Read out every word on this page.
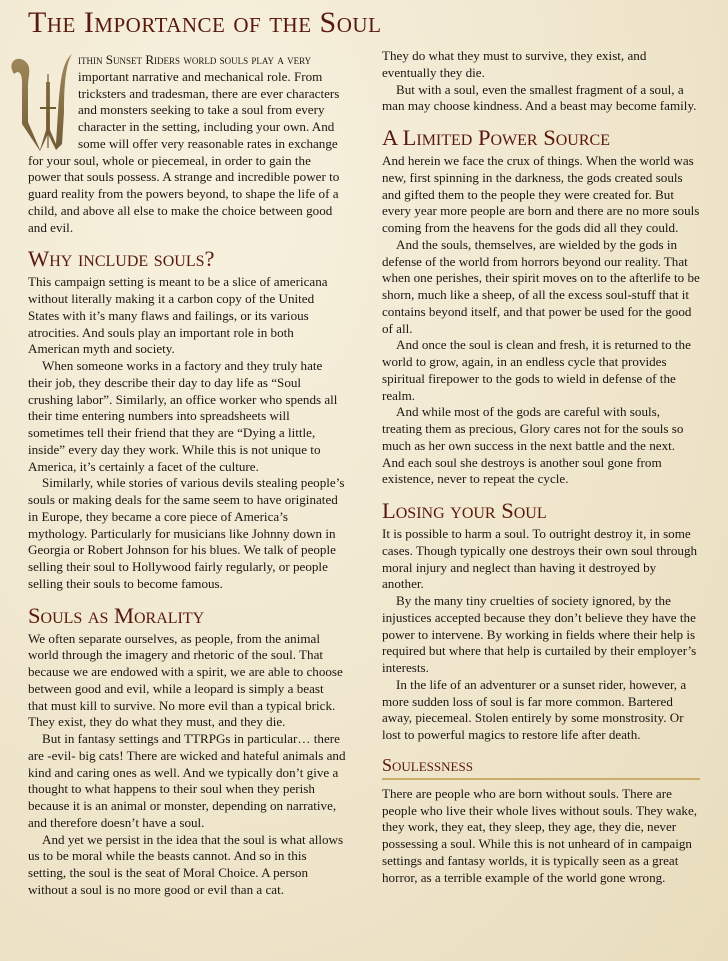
The Importance of the Soul

ithin Sunset Riders world souls play a very important narrative and mechanical role. From tricksters and tradesman, there are ever characters and monsters seeking to take a soul from every character in the setting, including your own. And some will offer very reasonable rates in exchange for your soul, whole or piecemeal, in order to gain the power that souls possess. A strange and incredible power to guard reality from the powers beyond, to shape the life of a child, and above all else to make the choice between good and evil.

Why include souls?

This campaign setting is meant to be a slice of americana without literally making it a carbon copy of the United States with it’s many flaws and failings, or its various atrocities. And souls play an important role in both American myth and society.

When someone works in a factory and they truly hate their job, they describe their day to day life as “Soul crushing labor”. Similarly, an office worker who spends all their time entering numbers into spreadsheets will sometimes tell their friend that they are “Dying a little, inside” every day they work. While this is not unique to America, it’s certainly a facet of the culture.

Similarly, while stories of various devils stealing people’s souls or making deals for the same seem to have originated in Europe, they became a core piece of America’s mythology. Particularly for musicians like Johnny down in Georgia or Robert Johnson for his blues. We talk of people selling their soul to Hollywood fairly regularly, or people selling their souls to become famous.

Souls as Morality

We often separate ourselves, as people, from the animal world through the imagery and rhetoric of the soul. That because we are endowed with a spirit, we are able to choose between good and evil, while a leopard is simply a beast that must kill to survive. No more evil than a typical brick. They exist, they do what they must, and they die.

But in fantasy settings and TTRPGs in particular… there are -evil- big cats! There are wicked and hateful animals and kind and caring ones as well. And we typically don’t give a thought to what happens to their soul when they perish because it is an animal or monster, depending on narrative, and therefore doesn’t have a soul.

And yet we persist in the idea that the soul is what allows us to be moral while the beasts cannot. And so in this setting, the soul is the seat of Moral Choice. A person without a soul is no more good or evil than a cat.

They do what they must to survive, they exist, and eventually they die.

But with a soul, even the smallest fragment of a soul, a man may choose kindness. And a beast may become family.

A Limited Power Source

And herein we face the crux of things. When the world was new, first spinning in the darkness, the gods created souls and gifted them to the people they were created for. But every year more people are born and there are no more souls coming from the heavens for the gods did all they could.

And the souls, themselves, are wielded by the gods in defense of the world from horrors beyond our reality. That when one perishes, their spirit moves on to the afterlife to be shorn, much like a sheep, of all the excess soul-stuff that it contains beyond itself, and that power be used for the good of all.

And once the soul is clean and fresh, it is returned to the world to grow, again, in an endless cycle that provides spiritual firepower to the gods to wield in defense of the realm.

And while most of the gods are careful with souls, treating them as precious, Glory cares not for the souls so much as her own success in the next battle and the next. And each soul she destroys is another soul gone from existence, never to repeat the cycle.

Losing your Soul

It is possible to harm a soul. To outright destroy it, in some cases. Though typically one destroys their own soul through moral injury and neglect than having it destroyed by another.

By the many tiny cruelties of society ignored, by the injustices accepted because they don’t believe they have the power to intervene. By working in fields where their help is required but where that help is curtailed by their employer’s interests.

In the life of an adventurer or a sunset rider, however, a more sudden loss of soul is far more common. Bartered away, piecemeal. Stolen entirely by some monstrosity. Or lost to powerful magics to restore life after death.

Soulessness

There are people who are born without souls. There are people who live their whole lives without souls. They wake, they work, they eat, they sleep, they age, they die, never possessing a soul. While this is not unheard of in campaign settings and fantasy worlds, it is typically seen as a great horror, as a terrible example of the world gone wrong.
